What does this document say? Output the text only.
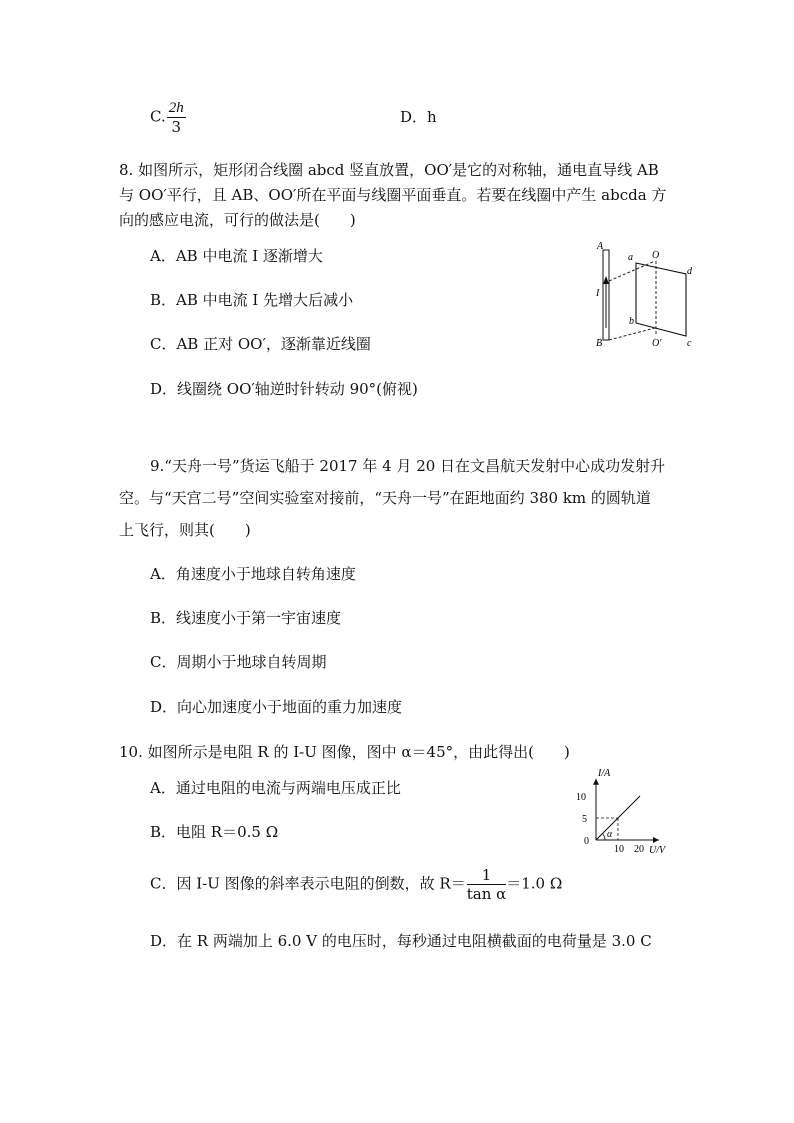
C. $\frac{2h}{3}$	D．h
8. 如图所示，矩形闭合线圈 abcd 竖直放置，OO′是它的对称轴，通电直导线 AB
与 OO′平行，且 AB、OO′所在平面与线圈平面垂直。若要在线圈中产生 abcda 方
向的感应电流，可行的做法是(　　)
A．AB 中电流 I 逐渐增大
B．AB 中电流 I 先增大后减小
C．AB 正对 OO′，逐渐靠近线圈
D．线圈绕 OO′轴逆时针转动 90°(俯视)
A
B
I
a
b
c
d
O
O′
9.“天舟一号”货运飞船于 2017 年 4 月 20 日在文昌航天发射中心成功发射升
空。与“天宫二号”空间实验室对接前，“天舟一号”在距地面约 380 km 的圆轨道
上飞行，则其(　　)
A．角速度小于地球自转角速度
B．线速度小于第一宇宙速度
C．周期小于地球自转周期
D．向心加速度小于地面的重力加速度
10. 如图所示是电阻 R 的 I-U 图像，图中 α＝45°，由此得出(　　)
A．通过电阻的电流与两端电压成正比
B．电阻 R＝0.5 Ω
C．因 I-U 图像的斜率表示电阻的倒数，故 $R= \frac{1}{\text{tan α}} =1.0$ Ω
D．在 R 两端加上 6.0 V 的电压时，每秒通过电阻横截面的电荷量是 3.0 C
I/A
U/V
0
5
10
10 20
α
